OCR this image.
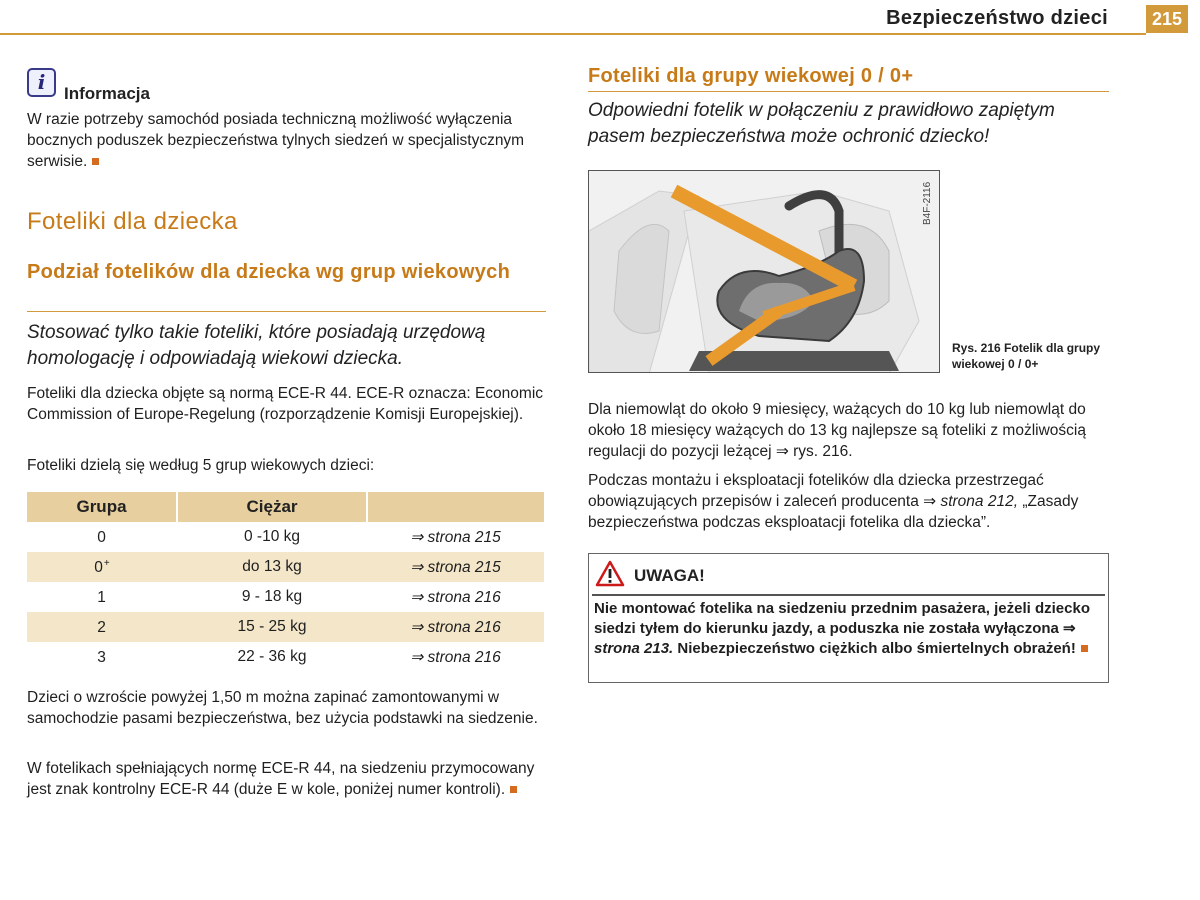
Bezpieczeństwo dzieci	215
i	Informacja
W razie potrzeby samochód posiada techniczną możliwość wyłączenia bocznych poduszek bezpieczeństwa tylnych siedzeń w specjalistycznym serwisie.
Foteliki dla dziecka
Podział fotelików dla dziecka wg grup wiekowych
Stosować tylko takie foteliki, które posiadają urzędową homologację i odpowiadają wiekowi dziecka.
Foteliki dla dziecka objęte są normą ECE-R 44. ECE-R oznacza: Economic Commission of Europe-Regelung (rozporządzenie Komisji Europejskiej).
Foteliki dzielą się według 5 grup wiekowych dzieci:
Grupa	Ciężar	
0	0 -10 kg	⇒ strona 215
0+	do 13 kg	⇒ strona 215
1	9 - 18 kg	⇒ strona 216
2	15 - 25 kg	⇒ strona 216
3	22 - 36 kg	⇒ strona 216
Dzieci o wzroście powyżej 1,50 m można zapinać zamontowanymi w samochodzie pasami bezpieczeństwa, bez użycia podstawki na siedzenie.
W fotelikach spełniających normę ECE-R 44, na siedzeniu przymocowany jest znak kontrolny ECE-R 44 (duże E w kole, poniżej numer kontroli).
Foteliki dla grupy wiekowej 0 / 0+
Odpowiedni fotelik w połączeniu z prawidłowo zapiętym pasem bezpieczeństwa może ochronić dziecko!
B4F-2116
Rys. 216 Fotelik dla grupy wiekowej 0 / 0+
Dla niemowląt do około 9 miesięcy, ważących do 10 kg lub niemowląt do około 18 miesięcy ważących do 13 kg najlepsze są foteliki z możliwością regulacji do pozycji leżącej ⇒ rys. 216.
Podczas montażu i eksploatacji fotelików dla dziecka przestrzegać obowiązujących przepisów i zaleceń producenta ⇒ strona 212, „Zasady bezpieczeństwa podczas eksploatacji fotelika dla dziecka”.
UWAGA!
Nie montować fotelika na siedzeniu przednim pasażera, jeżeli dziecko siedzi tyłem do kierunku jazdy, a poduszka nie została wyłączona ⇒ strona 213. Niebezpieczeństwo ciężkich albo śmiertelnych obrażeń!
